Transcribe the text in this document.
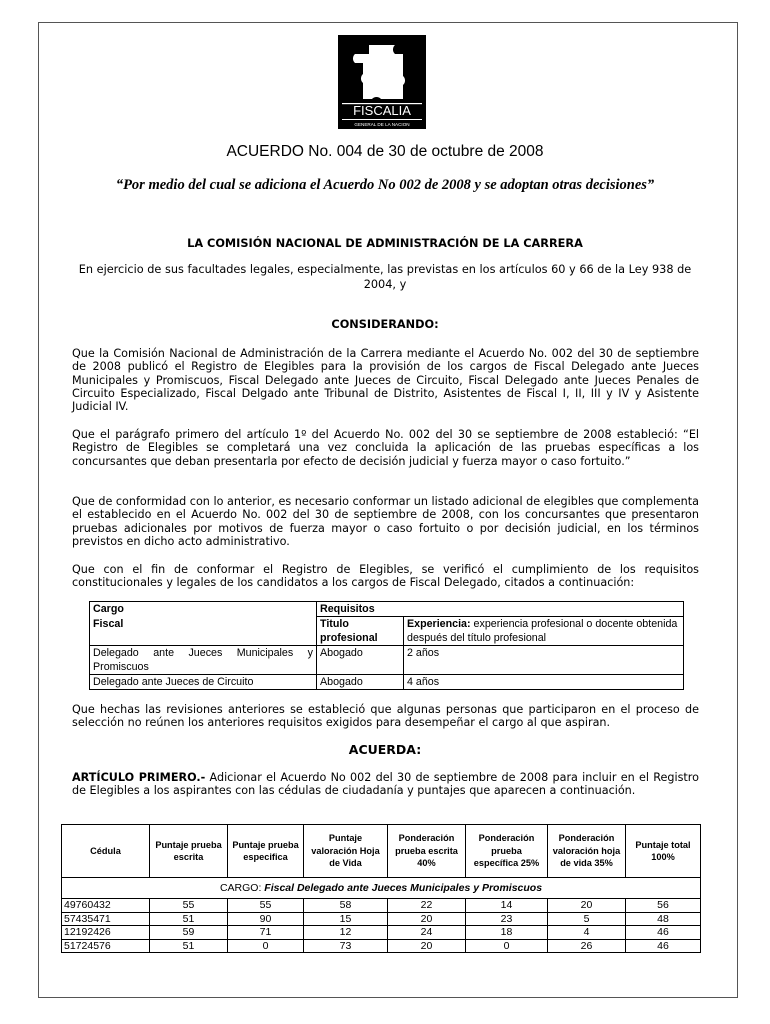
FISCALIA
GENERAL DE LA NACION
ACUERDO No. 004 de 30 de octubre de 2008
“Por medio del cual se adiciona el Acuerdo No 002 de 2008 y se adoptan otras decisiones”
LA COMISIÓN NACIONAL DE ADMINISTRACIÓN DE LA CARRERA
En ejercicio de sus facultades legales, especialmente, las previstas en los artículos 60 y 66 de la Ley 938 de 2004, y
CONSIDERANDO:
Que la Comisión Nacional de Administración de la Carrera mediante el Acuerdo No. 002 del 30 de septiembre de 2008 publicó el Registro de Elegibles para la provisión de los cargos de Fiscal Delegado ante Jueces Municipales y Promiscuos, Fiscal Delegado ante Jueces de Circuito, Fiscal Delegado ante Jueces Penales de Circuito Especializado, Fiscal Delgado ante Tribunal de Distrito, Asistentes de Fiscal I, II, III y IV y Asistente Judicial IV.
Que el parágrafo primero del artículo 1º del Acuerdo No. 002 del 30 se septiembre de 2008 estableció: “El Registro de Elegibles se completará una vez concluida la aplicación de las pruebas específicas a los concursantes que deban presentarla por efecto de decisión judicial y fuerza mayor o caso fortuito.”
Que de conformidad con lo anterior, es necesario conformar un listado adicional de elegibles que complementa el establecido en el Acuerdo No. 002 del 30 de septiembre de 2008, con los concursantes que presentaron pruebas adicionales por motivos de fuerza mayor o caso fortuito o por decisión judicial, en los términos previstos en dicho acto administrativo.
Que con el fin de conformar el Registro de Elegibles, se verificó el cumplimiento de los requisitos constitucionales y legales de los candidatos a los cargos de Fiscal Delegado, citados a continuación:
Cargo	Requisitos	
Fiscal	Titulo profesional	Experiencia: experiencia profesional o docente obtenida después del título profesional
Delegado ante Jueces Municipales y Promiscuos	Abogado	2 años
Delegado ante Jueces de Circuito	Abogado	4 años
Que hechas las revisiones anteriores se estableció que algunas personas que participaron en el proceso de selección no reúnen los anteriores requisitos exigidos para desempeñar el cargo al que aspiran.
ACUERDA:
ARTÍCULO PRIMERO.- Adicionar el Acuerdo No 002 del 30 de septiembre de 2008 para incluir en el Registro de Elegibles a los aspirantes con las cédulas de ciudadanía y puntajes que aparecen a continuación.
Cédula	Puntaje prueba escrita	Puntaje prueba especifica	Puntaje valoración Hoja de Vida	Ponderación prueba escrita 40%	Ponderación prueba específica 25%	Ponderación valoración hoja de vida 35%	Puntaje total 100%
CARGO: Fiscal Delegado ante Jueces Municipales y Promiscuos							
49760432	55	55	58	22	14	20	56
57435471	51	90	15	20	23	5	48
12192426	59	71	12	24	18	4	46
51724576	51	0	73	20	0	26	46
